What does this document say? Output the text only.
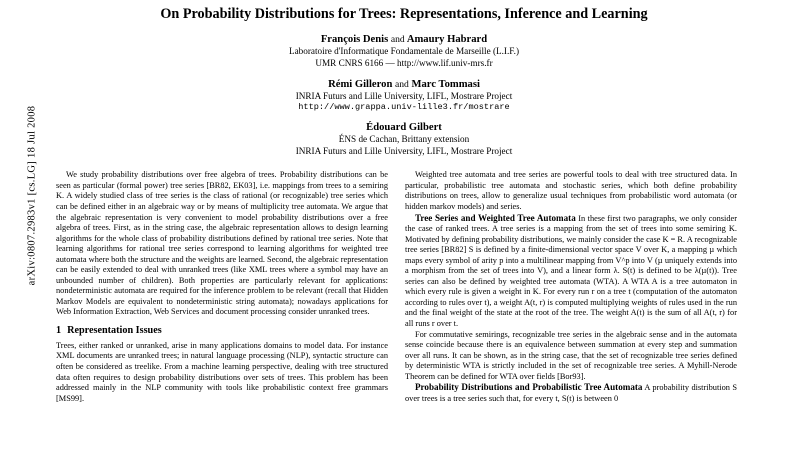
arXiv:0807.2983v1 [cs.LG] 18 Jul 2008
On Probability Distributions for Trees: Representations, Inference and Learning
François Denis and Amaury Habrard
Laboratoire d'Informatique Fondamentale de Marseille (L.I.F.)
UMR CNRS 6166 — http://www.lif.univ-mrs.fr
Rémi Gilleron and Marc Tommasi
INRIA Futurs and Lille University, LIFL, Mostrare Project
http://www.grappa.univ-lille3.fr/mostrare
Édouard Gilbert
ÉNS de Cachan, Brittany extension
INRIA Futurs and Lille University, LIFL, Mostrare Project

We study probability distributions over free algebra of trees. Probability distributions can be seen as particular (formal power) tree series [BR82, EK03], i.e. mappings from trees to a semiring K. A widely studied class of tree series is the class of rational (or recognizable) tree series which can be defined either in an algebraic way or by means of multiplicity tree automata. We argue that the algebraic representation is very convenient to model probability distributions over a free algebra of trees. First, as in the string case, the algebraic representation allows to design learning algorithms for the whole class of probability distributions defined by rational tree series. Note that learning algorithms for rational tree series correspond to learning algorithms for weighted tree automata where both the structure and the weights are learned. Second, the algebraic representation can be easily extended to deal with unranked trees (like XML trees where a symbol may have an unbounded number of children). Both properties are particularly relevant for applications: nondeterministic automata are required for the inference problem to be relevant (recall that Hidden Markov Models are equivalent to nondeterministic string automata); nowadays applications for Web Information Extraction, Web Services and document processing consider unranked trees.

1 Representation Issues

Trees, either ranked or unranked, arise in many applications domains to model data. For instance XML documents are unranked trees; in natural language processing (NLP), syntactic structure can often be considered as treelike. From a machine learning perspective, dealing with tree structured data often requires to design probability distributions over sets of trees. This problem has been addressed mainly in the NLP community with tools like probabilistic context free grammars [MS99].

Weighted tree automata and tree series are powerful tools to deal with tree structured data. In particular, probabilistic tree automata and stochastic series, which both define probability distributions on trees, allow to generalize usual techniques from probabilistic word automata (or hidden markov models) and series.

Tree Series and Weighted Tree Automata In these first two paragraphs, we only consider the case of ranked trees. A tree series is a mapping from the set of trees into some semiring K. Motivated by defining probability distributions, we mainly consider the case K = R. A recognizable tree series [BR82] S is defined by a finite-dimensional vector space V over K, a mapping µ which maps every symbol of arity p into a multilinear mapping from V^p into V (µ uniquely extends into a morphism from the set of trees into V), and a linear form λ. S(t) is defined to be λ(µ(t)). Tree series can also be defined by weighted tree automata (WTA). A WTA A is a tree automaton in which every rule is given a weight in K. For every run r on a tree t (computation of the automaton according to rules over t), a weight A(t, r) is computed multiplying weights of rules used in the run and the final weight of the state at the root of the tree. The weight A(t) is the sum of all A(t, r) for all runs r over t.

For commutative semirings, recognizable tree series in the algebraic sense and in the automata sense coincide because there is an equivalence between summation at every step and summation over all runs. It can be shown, as in the string case, that the set of recognizable tree series defined by deterministic WTA is strictly included in the set of recognizable tree series. A Myhill-Nerode Theorem can be defined for WTA over fields [Bor93].

Probability Distributions and Probabilistic Tree Automata A probability distribution S over trees is a tree series such that, for every t, S(t) is between 0
